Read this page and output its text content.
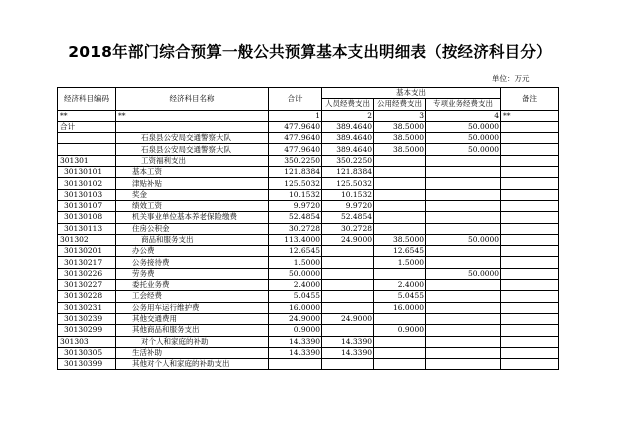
2018年部门综合预算一般公共预算基本支出明细表（按经济科目分）
单位：万元
经济科目编码	经济科目名称	合计	基本支出			备注
			人员经费支出	公用经费支出	专项业务经费支出	
**	**	1	2	3	4	**
合计		477.9640	389.4640	38.5000	50.0000	
	石泉县公安局交通警察大队	477.9640	389.4640	38.5000	50.0000	
	石泉县公安局交通警察大队	477.9640	389.4640	38.5000	50.0000	
301301	工资福利支出	350.2250	350.2250			
30130101	基本工资	121.8384	121.8384			
30130102	津贴补贴	125.5032	125.5032			
30130103	奖金	10.1532	10.1532			
30130107	绩效工资	9.9720	9.9720			
30130108	机关事业单位基本养老保险缴费	52.4854	52.4854			
30130113	住房公积金	30.2728	30.2728			
301302	商品和服务支出	113.4000	24.9000	38.5000	50.0000	
30130201	办公费	12.6545		12.6545		
30130217	公务接待费	1.5000		1.5000		
30130226	劳务费	50.0000			50.0000	
30130227	委托业务费	2.4000		2.4000		
30130228	工会经费	5.0455		5.0455		
30130231	公务用车运行维护费	16.0000		16.0000		
30130239	其他交通费用	24.9000	24.9000			
30130299	其他商品和服务支出	0.9000		0.9000		
301303	对个人和家庭的补助	14.3390	14.3390			
30130305	生活补助	14.3390	14.3390			
30130399	其他对个人和家庭的补助支出					
